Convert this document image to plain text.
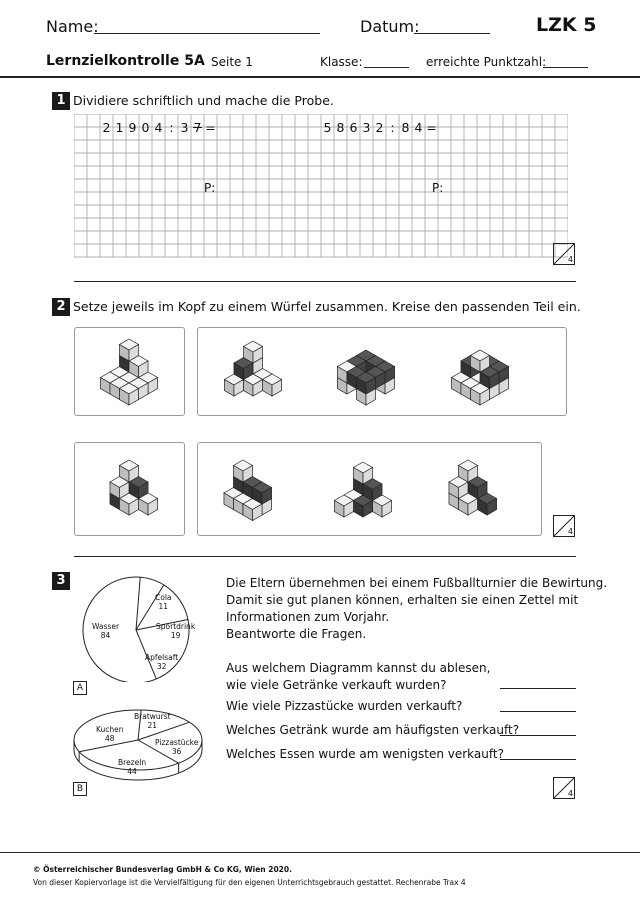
Name:	Datum:	LZK 5
Lernzielkontrolle 5A Seite 1	Klasse:	erreichte Punktzahl:
1 Dividiere schriftlich und mache die Probe.
2 1 9 0 4 : 3 7 =	5 8 6 3 2 : 8 4 =
P:	P:
4
2 Setze jeweils im Kopf zu einem Würfel zusammen. Kreise den passenden Teil ein.
4
3
Cola
11
Sportdrink
19
Apfelsaft
32
Wasser
84
A
Bratwurst
21
Pizzastücke
36
Brezeln
44
Kuchen
48
B
Die Eltern übernehmen bei einem Fußballturnier die Bewirtung.
Damit sie gut planen können, erhalten sie einen Zettel mit
Informationen zum Vorjahr.
Beantworte die Fragen.
Aus welchem Diagramm kannst du ablesen,
wie viele Getränke verkauft wurden?
Wie viele Pizzastücke wurden verkauft?
Welches Getränk wurde am häufigsten verkauft?
Welches Essen wurde am wenigsten verkauft?
4
© Österreichischer Bundesverlag GmbH & Co KG, Wien 2020.
Von dieser Kopiervorlage ist die Vervielfältigung für den eigenen Unterrichtsgebrauch gestattet. Rechenrabe Trax 4
